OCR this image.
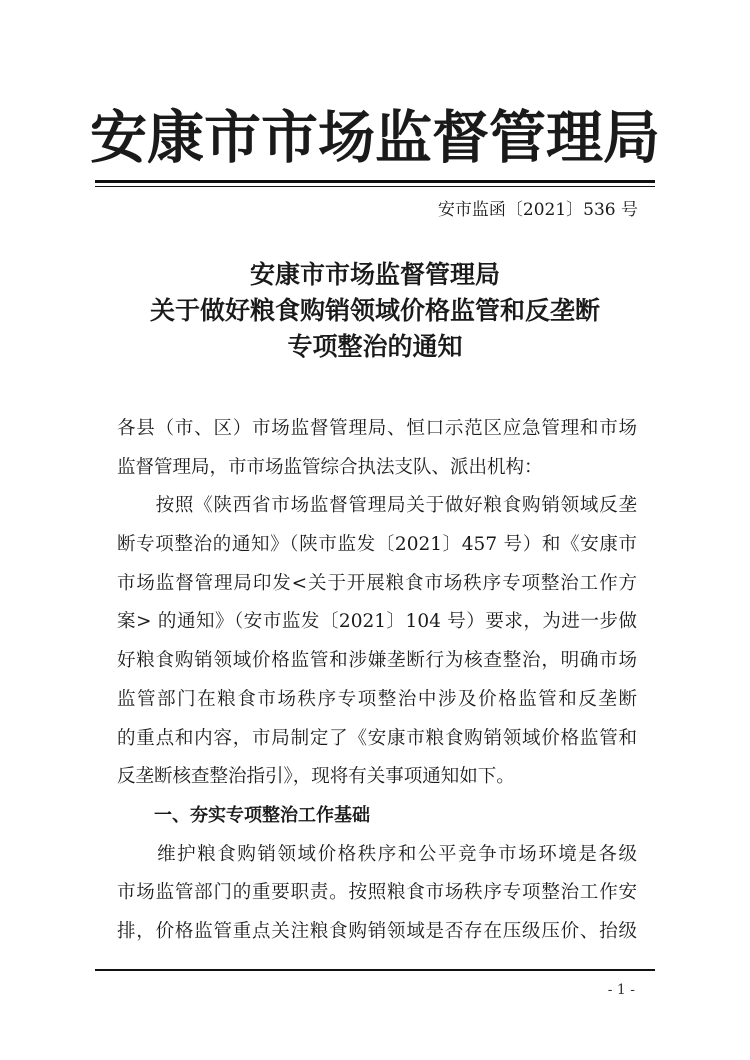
安康市市场监督管理局
安市监函〔2021〕536 号
安康市市场监督管理局
关于做好粮食购销领域价格监管和反垄断
专项整治的通知
各县（市、区）市场监督管理局、恒口示范区应急管理和市场
监督管理局，市市场监管综合执法支队、派出机构：
　　按照《陕西省市场监督管理局关于做好粮食购销领域反垄
断专项整治的通知》（陕市监发〔2021〕457 号）和《安康市
市场监督管理局印发<关于开展粮食市场秩序专项整治工作方
案> 的通知》（安市监发〔2021〕104 号）要求，为进一步做
好粮食购销领域价格监管和涉嫌垄断行为核查整治，明确市场
监管部门在粮食市场秩序专项整治中涉及价格监管和反垄断
的重点和内容，市局制定了《安康市粮食购销领域价格监管和
反垄断核查整治指引》，现将有关事项通知如下。
一、夯实专项整治工作基础
　　维护粮食购销领域价格秩序和公平竞争市场环境是各级
市场监管部门的重要职责。按照粮食市场秩序专项整治工作安
排，价格监管重点关注粮食购销领域是否存在压级压价、抬级
- 1 -
